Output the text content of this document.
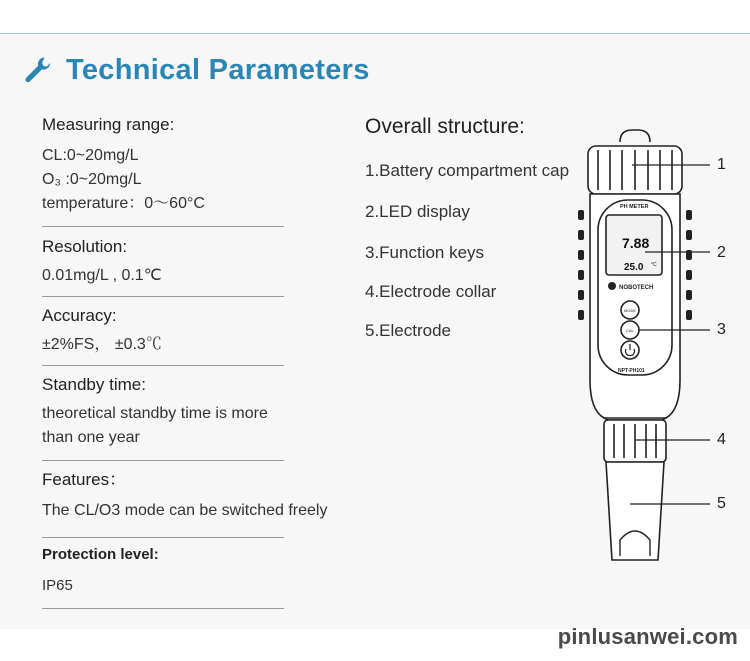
Technical Parameters
Measuring range:
CL:0~20mg/L
O₃ :0~20mg/L
temperature：0〜60°C
Resolution:
0.01mg/L , 0.1℃
Accuracy:
±2%FS， ±0.3℃
Standby time:
theoretical standby time is more
than one year
Features：
The CL/O3 mode can be switched freely
Protection level:
IP65
Overall structure:
1.Battery compartment cap
2.LED display
3.Function keys
4.Electrode collar
5.Electrode
PH METER
7.88
25.0 °C
NOBOTECH
MODE
CAL
NPT-PH101
1
2
3
4
5
pinlusanwei.com
